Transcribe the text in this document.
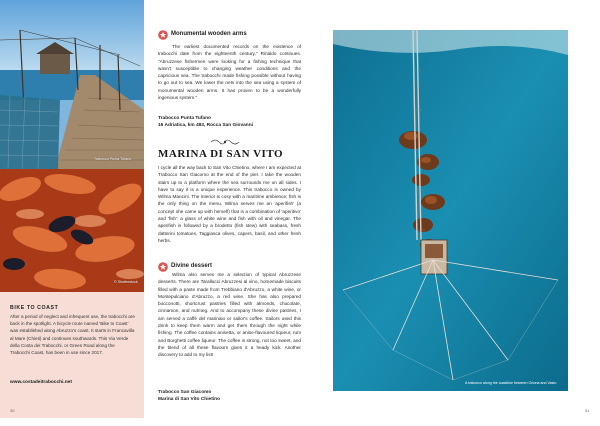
Trabocco Punta Tufano
© Shutterstock
BIKE TO COAST

After a period of neglect and infrequent use, the trabocchi are back in the spotlight. A bicycle route named 'Bike to Coast' was established along Abruzzo's coast. It starts in Francavilla al Mare (Chieti) and continues southwards. This Via Verde della Costa dei Trabocchi, or Green Road along the Trabocchi Coast, has been in use since 2017.

www.costadeitrabocchi.net
30
Monumental wooden arms

The earliest documented records on the existence of trabocchi date from the eighteenth century," Rinaldo continues. "Abruzzese fishermen were looking for a fishing technique that wasn't susceptible to changing weather conditions and the capricious sea. The trabocchi made fishing possible without having to go out to sea. We lower the nets into the sea using a system of monumental wooden arms. It has proven to be a wonderfully ingenious system."

Trabocco Punta Tufano
16 Adriatica, km 483, Rocca San Giovanni
MARINA DI SAN VITO

I cycle all the way back to San Vito Chietino, where I am expected at Trabocco San Giacomo at the end of the pier. I take the wooden stairs up to a platform where the sea surrounds me on all sides. I have to say it is a unique experience. This trabocco is owned by Wilma Mancini. The interior is cosy with a maritime ambience; fish is the only thing on the menu. Wilma serves me an 'aperifish' (a concept she came up with herself) that is a combination of 'aperitivo' and 'fish': a glass of white wine and fish with oil and vinegar. The aperifish is followed by a brodetto (fish stew) with seabass, fresh datterini tomatoes, Taggiasca olives, capers, basil, and other fresh herbs.

Divine dessert

Wilma also serves me a selection of typical Abruzzese desserts. There are Tarallucci Abruzzesi al vino, homemade biscuits filled with a paste made from Trebbiano d'Abruzzo, a white wine, or Montepulciano d'Abruzzo, a red wine. She has also prepared bocconotti, shortcrust pastries filled with almonds, chocolate, cinnamon, and nutmeg. And to accompany these divine pastries, I am served a caffè del marinaio or sailor's coffee. Sailors used this drink to keep them warm and get them through the night while fishing. The coffee contains anisetta, or anise-flavoured liqueur, rum and Borghetti coffee liqueur. The coffee is strong, not too sweet, and the blend of all these flavours gives it a heady kick. Another discovery to add to my list!

Trabocco San Giacomo
Marina di San Vito Chietino
A trabocco along the coastline between Ortona and Vasto
31
